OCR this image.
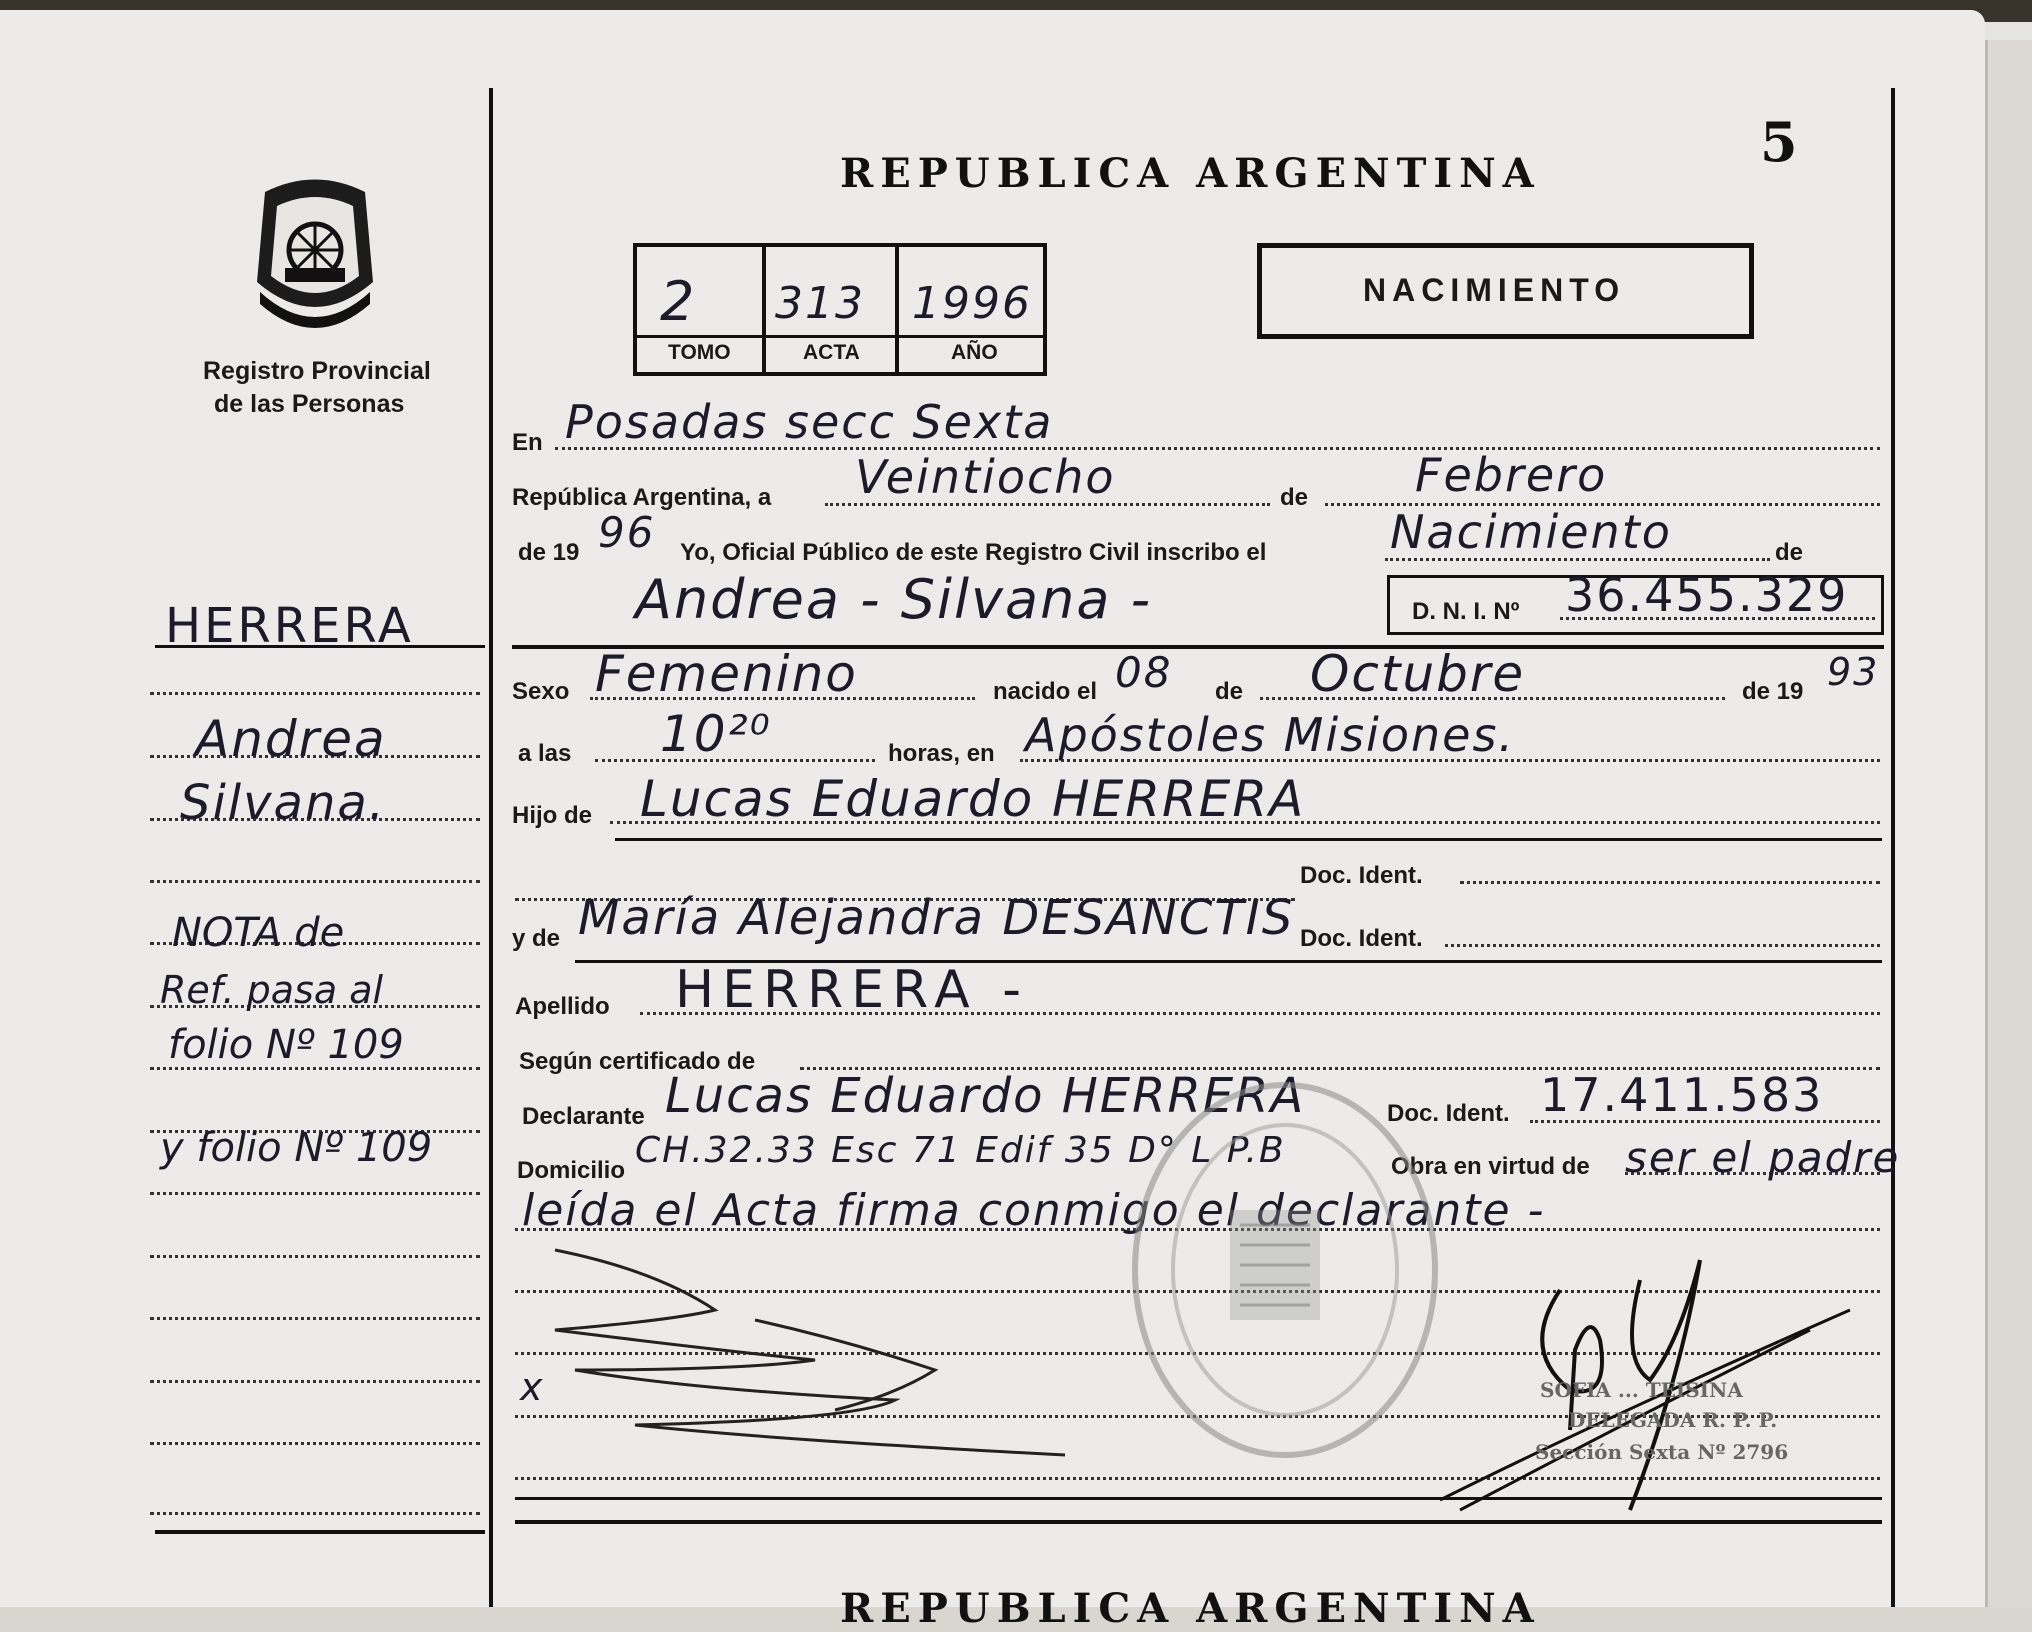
5
REPUBLICA ARGENTINA
Registro Provincial
de las Personas
2 313 1996
TOMO	ACTA	AÑO
NACIMIENTO
HERRERA
Andrea
Silvana.
NOTA de
Ref. pasa al
folio Nº 109
y folio Nº 109
En Posadas secc Sexta
República Argentina, a	de
Veintiocho	Febrero
de 19 96 Yo, Oficial Público de este Registro Civil inscribo el	Nacimiento	de
Andrea - Silvana -	D. N. I. Nº 36.455.329
Sexo Femenino	nacido el 08 de Octubre	de 19 93
a las 10²⁰	horas, en Apóstoles Misiones.
Hijo de Lucas Eduardo HERRERA
Doc. Ident.
y de María Alejandra DESANCTIS Doc. Ident.
Apellido HERRERA -
Según certificado de
Declarante Lucas Eduardo HERRERA	Doc. Ident. 17.411.583
Domicilio CH.32.33 Esc 71 Edif 35 D° L P.B	Obra en virtud de ser el padre
leída el Acta firma conmigo el declarante -
x	SOFIA ... TEISINA
DELEGADA R. P. P.
Sección Sexta Nº 2796
REPUBLICA ARGENTINA
